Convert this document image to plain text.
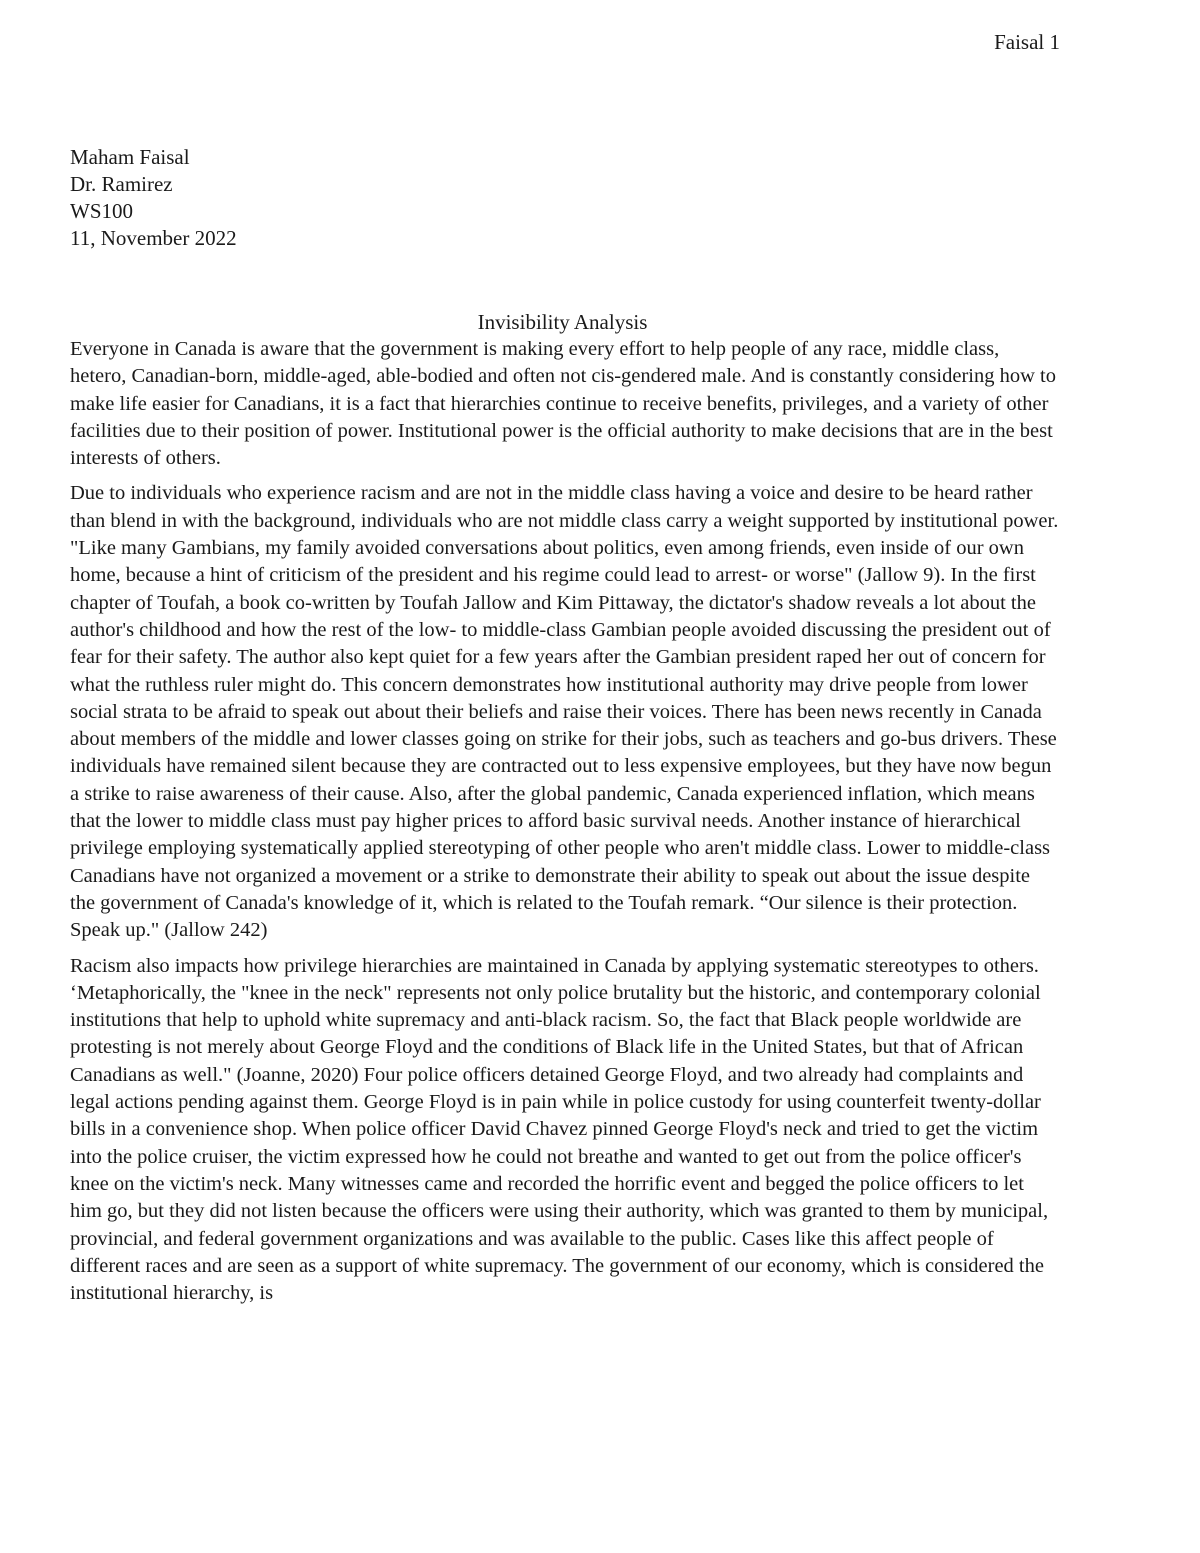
Faisal 1
Maham Faisal
Dr. Ramirez
WS100
11, November 2022
Invisibility Analysis

Everyone in Canada is aware that the government is making every effort to help people of any race, middle class, hetero, Canadian-born, middle-aged, able-bodied and often not cis-gendered male. And is constantly considering how to make life easier for Canadians, it is a fact that hierarchies continue to receive benefits, privileges, and a variety of other facilities due to their position of power. Institutional power is the official authority to make decisions that are in the best interests of others.

Due to individuals who experience racism and are not in the middle class having a voice and desire to be heard rather than blend in with the background, individuals who are not middle class carry a weight supported by institutional power. "Like many Gambians, my family avoided conversations about politics, even among friends, even inside of our own home, because a hint of criticism of the president and his regime could lead to arrest- or worse" (Jallow 9). In the first chapter of Toufah, a book co-written by Toufah Jallow and Kim Pittaway, the dictator's shadow reveals a lot about the author's childhood and how the rest of the low- to middle-class Gambian people avoided discussing the president out of fear for their safety. The author also kept quiet for a few years after the Gambian president raped her out of concern for what the ruthless ruler might do. This concern demonstrates how institutional authority may drive people from lower social strata to be afraid to speak out about their beliefs and raise their voices. There has been news recently in Canada about members of the middle and lower classes going on strike for their jobs, such as teachers and go-bus drivers. These individuals have remained silent because they are contracted out to less expensive employees, but they have now begun a strike to raise awareness of their cause. Also, after the global pandemic, Canada experienced inflation, which means that the lower to middle class must pay higher prices to afford basic survival needs. Another instance of hierarchical privilege employing systematically applied stereotyping of other people who aren't middle class. Lower to middle-class Canadians have not organized a movement or a strike to demonstrate their ability to speak out about the issue despite the government of Canada's knowledge of it, which is related to the Toufah remark. “Our silence is their protection. Speak up." (Jallow 242)

Racism also impacts how privilege hierarchies are maintained in Canada by applying systematic stereotypes to others. ‘Metaphorically, the "knee in the neck" represents not only police brutality but the historic, and contemporary colonial institutions that help to uphold white supremacy and anti-black racism. So, the fact that Black people worldwide are protesting is not merely about George Floyd and the conditions of Black life in the United States, but that of African Canadians as well." (Joanne, 2020) Four police officers detained George Floyd, and two already had complaints and legal actions pending against them. George Floyd is in pain while in police custody for using counterfeit twenty-dollar bills in a convenience shop. When police officer David Chavez pinned George Floyd's neck and tried to get the victim into the police cruiser, the victim expressed how he could not breathe and wanted to get out from the police officer's knee on the victim's neck. Many witnesses came and recorded the horrific event and begged the police officers to let him go, but they did not listen because the officers were using their authority, which was granted to them by municipal, provincial, and federal government organizations and was available to the public. Cases like this affect people of different races and are seen as a support of white supremacy. The government of our economy, which is considered the institutional hierarchy, is
